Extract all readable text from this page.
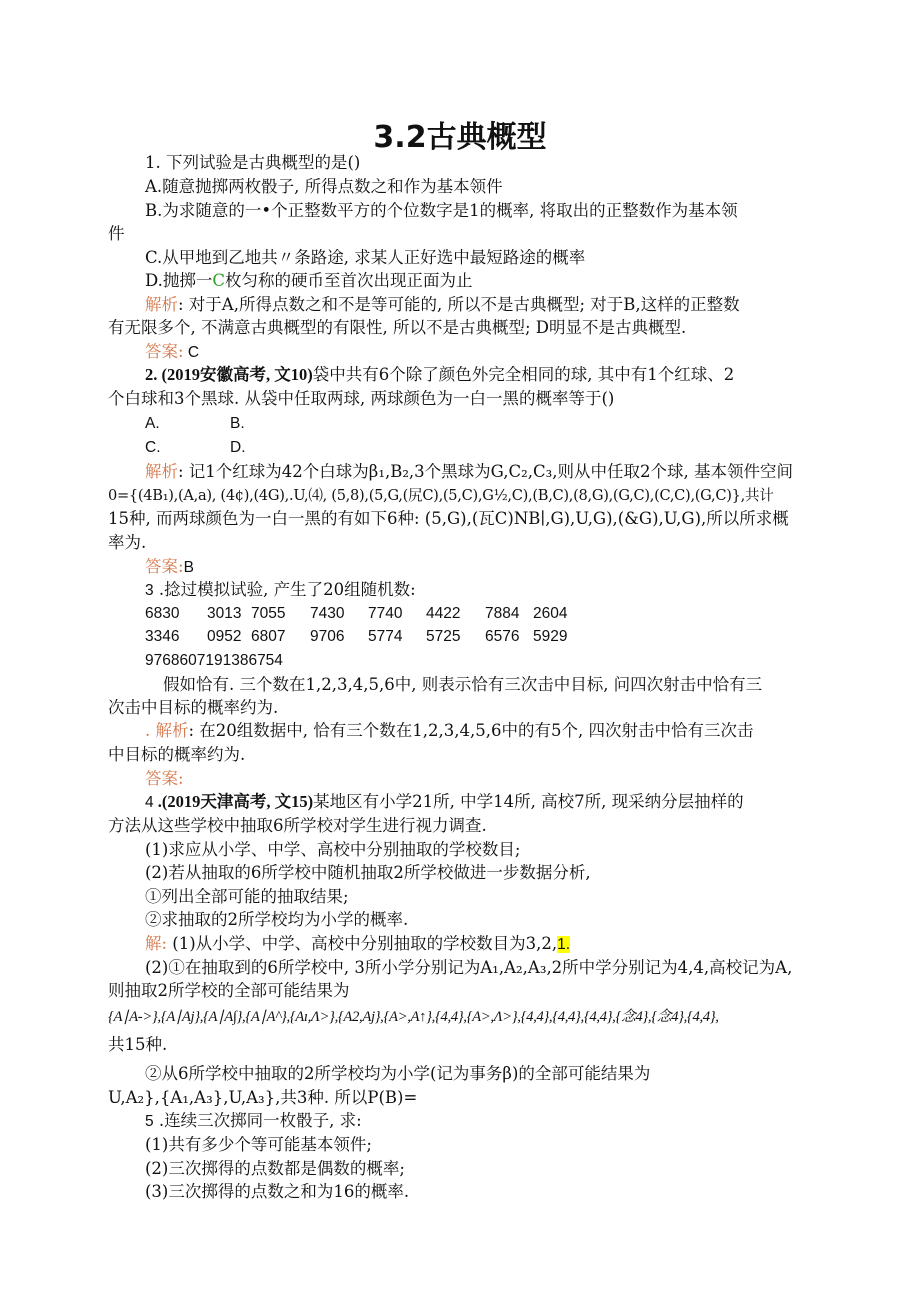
3.2古典概型
1. 下列试验是古典概型的是()
A.随意抛掷两枚骰子, 所得点数之和作为基本领件
B.为求随意的一•个正整数平方的个位数字是1的概率, 将取出的正整数作为基本领
件
C.从甲地到乙地共〃条路途, 求某人正好选中最短路途的概率
D.抛掷一C枚匀称的硬币至首次出现正面为止
解析: 对于A,所得点数之和不是等可能的, 所以不是古典概型; 对于B,这样的正整数
有无限多个, 不满意古典概型的有限性, 所以不是古典概型; D明显不是古典概型.
答案: C
2. (2019安徽高考, 文10)袋中共有6个除了颜色外完全相同的球, 其中有1个红球、2
个白球和3个黑球. 从袋中任取两球, 两球颜色为一白一黑的概率等于()
A.	B.
C.	D.
解析: 记1个红球为42个白球为β₁,B₂,3个黑球为G,C₂,C₃,则从中任取2个球, 基本领件空间
0={(4B₁),(A,a), (4¢),(4G),.U,⑷, (5,8),(5,G,(尻C),(5,C),G½,C),(B,C),(8,G),(G,C),(C,C),(G,C)},共计
15种, 而两球颜色为一白一黑的有如下6种: (5,G),(瓦C)NB∣,G),U,G),(&G),U,G),所以所求概
率为.
答案:B
3 .捻过模拟试验, 产生了20组随机数:
6830 3013 7055 7430 7740 4422 7884 2604
3346 0952 6807 9706 5774 5725 6576 5929
9768607191386754
假如恰有. 三个数在1,2,3,4,5,6中, 则表示恰有三次击中目标, 问四次射击中恰有三
次击中目标的概率约为.
. 解析: 在20组数据中, 恰有三个数在1,2,3,4,5,6中的有5个, 四次射击中恰有三次击
中目标的概率约为.
答案:
4 .(2019天津高考, 文15)某地区有小学21所, 中学14所, 高校7所, 现采纳分层抽样的
方法从这些学校中抽取6所学校对学生进行视力调查.
(1)求应从小学、中学、高校中分别抽取的学校数目;
(2)若从抽取的6所学校中随机抽取2所学校做进一步数据分析,
①列出全部可能的抽取结果;
②求抽取的2所学校均为小学的概率.
解: (1)从小学、中学、高校中分别抽取的学校数目为3,2,1.
(2)①在抽取到的6所学校中, 3所小学分别记为A₁,A₂,A₃,2所中学分别记为4,4,高校记为A,
则抽取2所学校的全部可能结果为
{A∣A->},{A∣Aj},{A∣A∫},{A∣A^},{Aı,Λ>},{A2,Aj},{A>,A↑},{4,4},{A>,Λ>},{4,4},{4,4},{4,4},{念4},{念4},{4,4},
共15种.
②从6所学校中抽取的2所学校均为小学(记为事务β)的全部可能结果为
U,A₂},{A₁,A₃},U,A₃},共3种. 所以P(B)=
5 .连续三次掷同一枚骰子, 求:
(1)共有多少个等可能基本领件;
(2)三次掷得的点数都是偶数的概率;
(3)三次掷得的点数之和为16的概率.
